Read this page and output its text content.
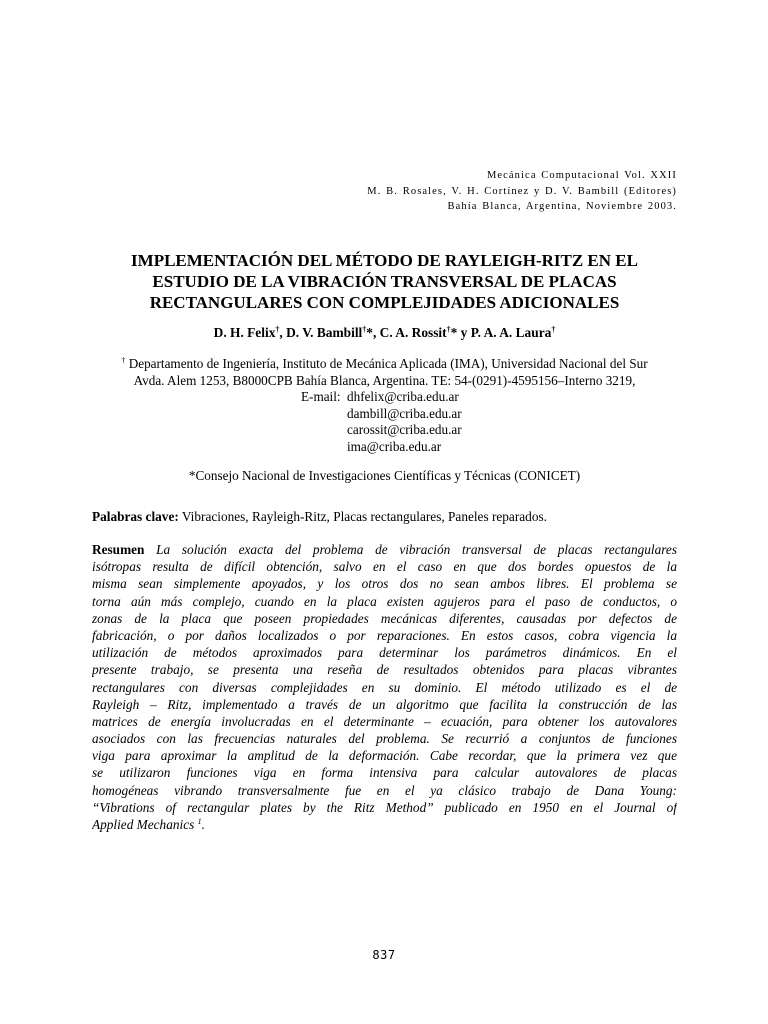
Mecánica Computacional Vol. XXII
M. B. Rosales, V. H. Cortínez y D. V. Bambill (Editores)
Bahía Blanca, Argentina, Noviembre 2003.
IMPLEMENTACIÓN DEL MÉTODO DE RAYLEIGH-RITZ EN EL
ESTUDIO DE LA VIBRACIÓN TRANSVERSAL DE PLACAS
RECTANGULARES CON COMPLEJIDADES ADICIONALES
D. H. Felix†, D. V. Bambill†*, C. A. Rossit†* y P. A. A. Laura†
† Departamento de Ingeniería, Instituto de Mecánica Aplicada (IMA), Universidad Nacional del Sur
Avda. Alem 1253, B8000CPB Bahía Blanca, Argentina. TE: 54-(0291)-4595156–Interno 3219,
E-mail: dhfelix@criba.edu.ar
dambill@criba.edu.ar
carossit@criba.edu.ar
ima@criba.edu.ar
*Consejo Nacional de Investigaciones Científicas y Técnicas (CONICET)
Palabras clave: Vibraciones, Rayleigh-Ritz, Placas rectangulares, Paneles reparados.
Resumen La solución exacta del problema de vibración transversal de placas rectangulares
isótropas resulta de difícil obtención, salvo en el caso en que dos bordes opuestos de la
misma sean simplemente apoyados, y los otros dos no sean ambos libres. El problema se
torna aún más complejo, cuando en la placa existen agujeros para el paso de conductos, o
zonas de la placa que poseen propiedades mecánicas diferentes, causadas por defectos de
fabricación, o por daños localizados o por reparaciones. En estos casos, cobra vigencia la
utilización de métodos aproximados para determinar los parámetros dinámicos. En el
presente trabajo, se presenta una reseña de resultados obtenidos para placas vibrantes
rectangulares con diversas complejidades en su dominio. El método utilizado es el de
Rayleigh – Ritz, implementado a través de un algoritmo que facilita la construcción de las
matrices de energía involucradas en el determinante – ecuación, para obtener los autovalores
asociados con las frecuencias naturales del problema. Se recurrió a conjuntos de funciones
viga para aproximar la amplitud de la deformación. Cabe recordar, que la primera vez que
se utilizaron funciones viga en forma intensiva para calcular autovalores de placas
homogéneas vibrando transversalmente fue en el ya clásico trabajo de Dana Young:
“Vibrations of rectangular plates by the Ritz Method” publicado en 1950 en el Journal of
Applied Mechanics $^1$.
837
